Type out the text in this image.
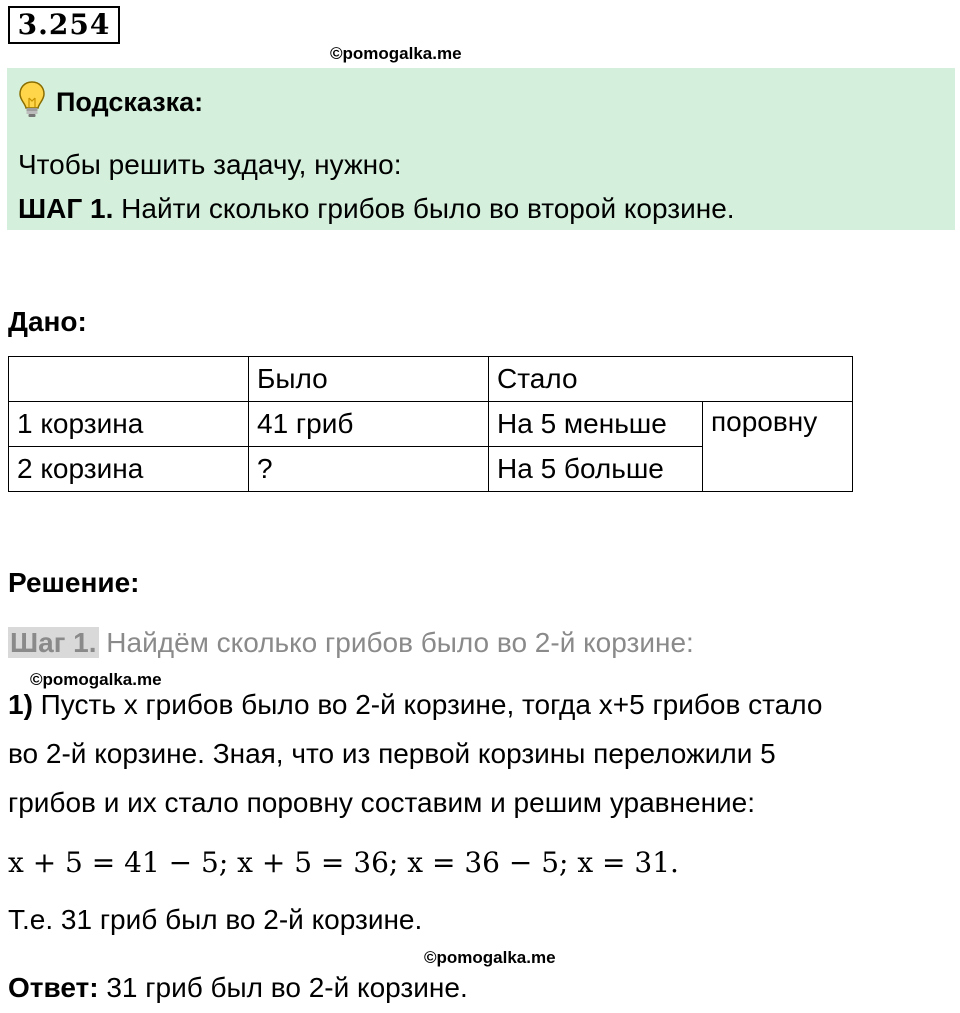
3.254
©pomogalka.me
Подсказка:
Чтобы решить задачу, нужно:
ШАГ 1. Найти сколько грибов было во второй корзине.
Дано:
	Было	Стало	
1 корзина	41 гриб	На 5 меньше	поровну
2 корзина	?	На 5 больше	
Решение:
Шаг 1. Найдём сколько грибов было во 2-й корзине:
©pomogalka.me
1) Пусть x грибов было во 2-й корзине, тогда x+5 грибов стало
во 2-й корзине. Зная, что из первой корзины переложили 5
грибов и их стало поровну составим и решим уравнение:
x + 5 = 41 − 5; x + 5 = 36; x = 36 − 5; x = 31.
Т.е. 31 гриб был во 2-й корзине.
©pomogalka.me
Ответ: 31 гриб был во 2-й корзине.
